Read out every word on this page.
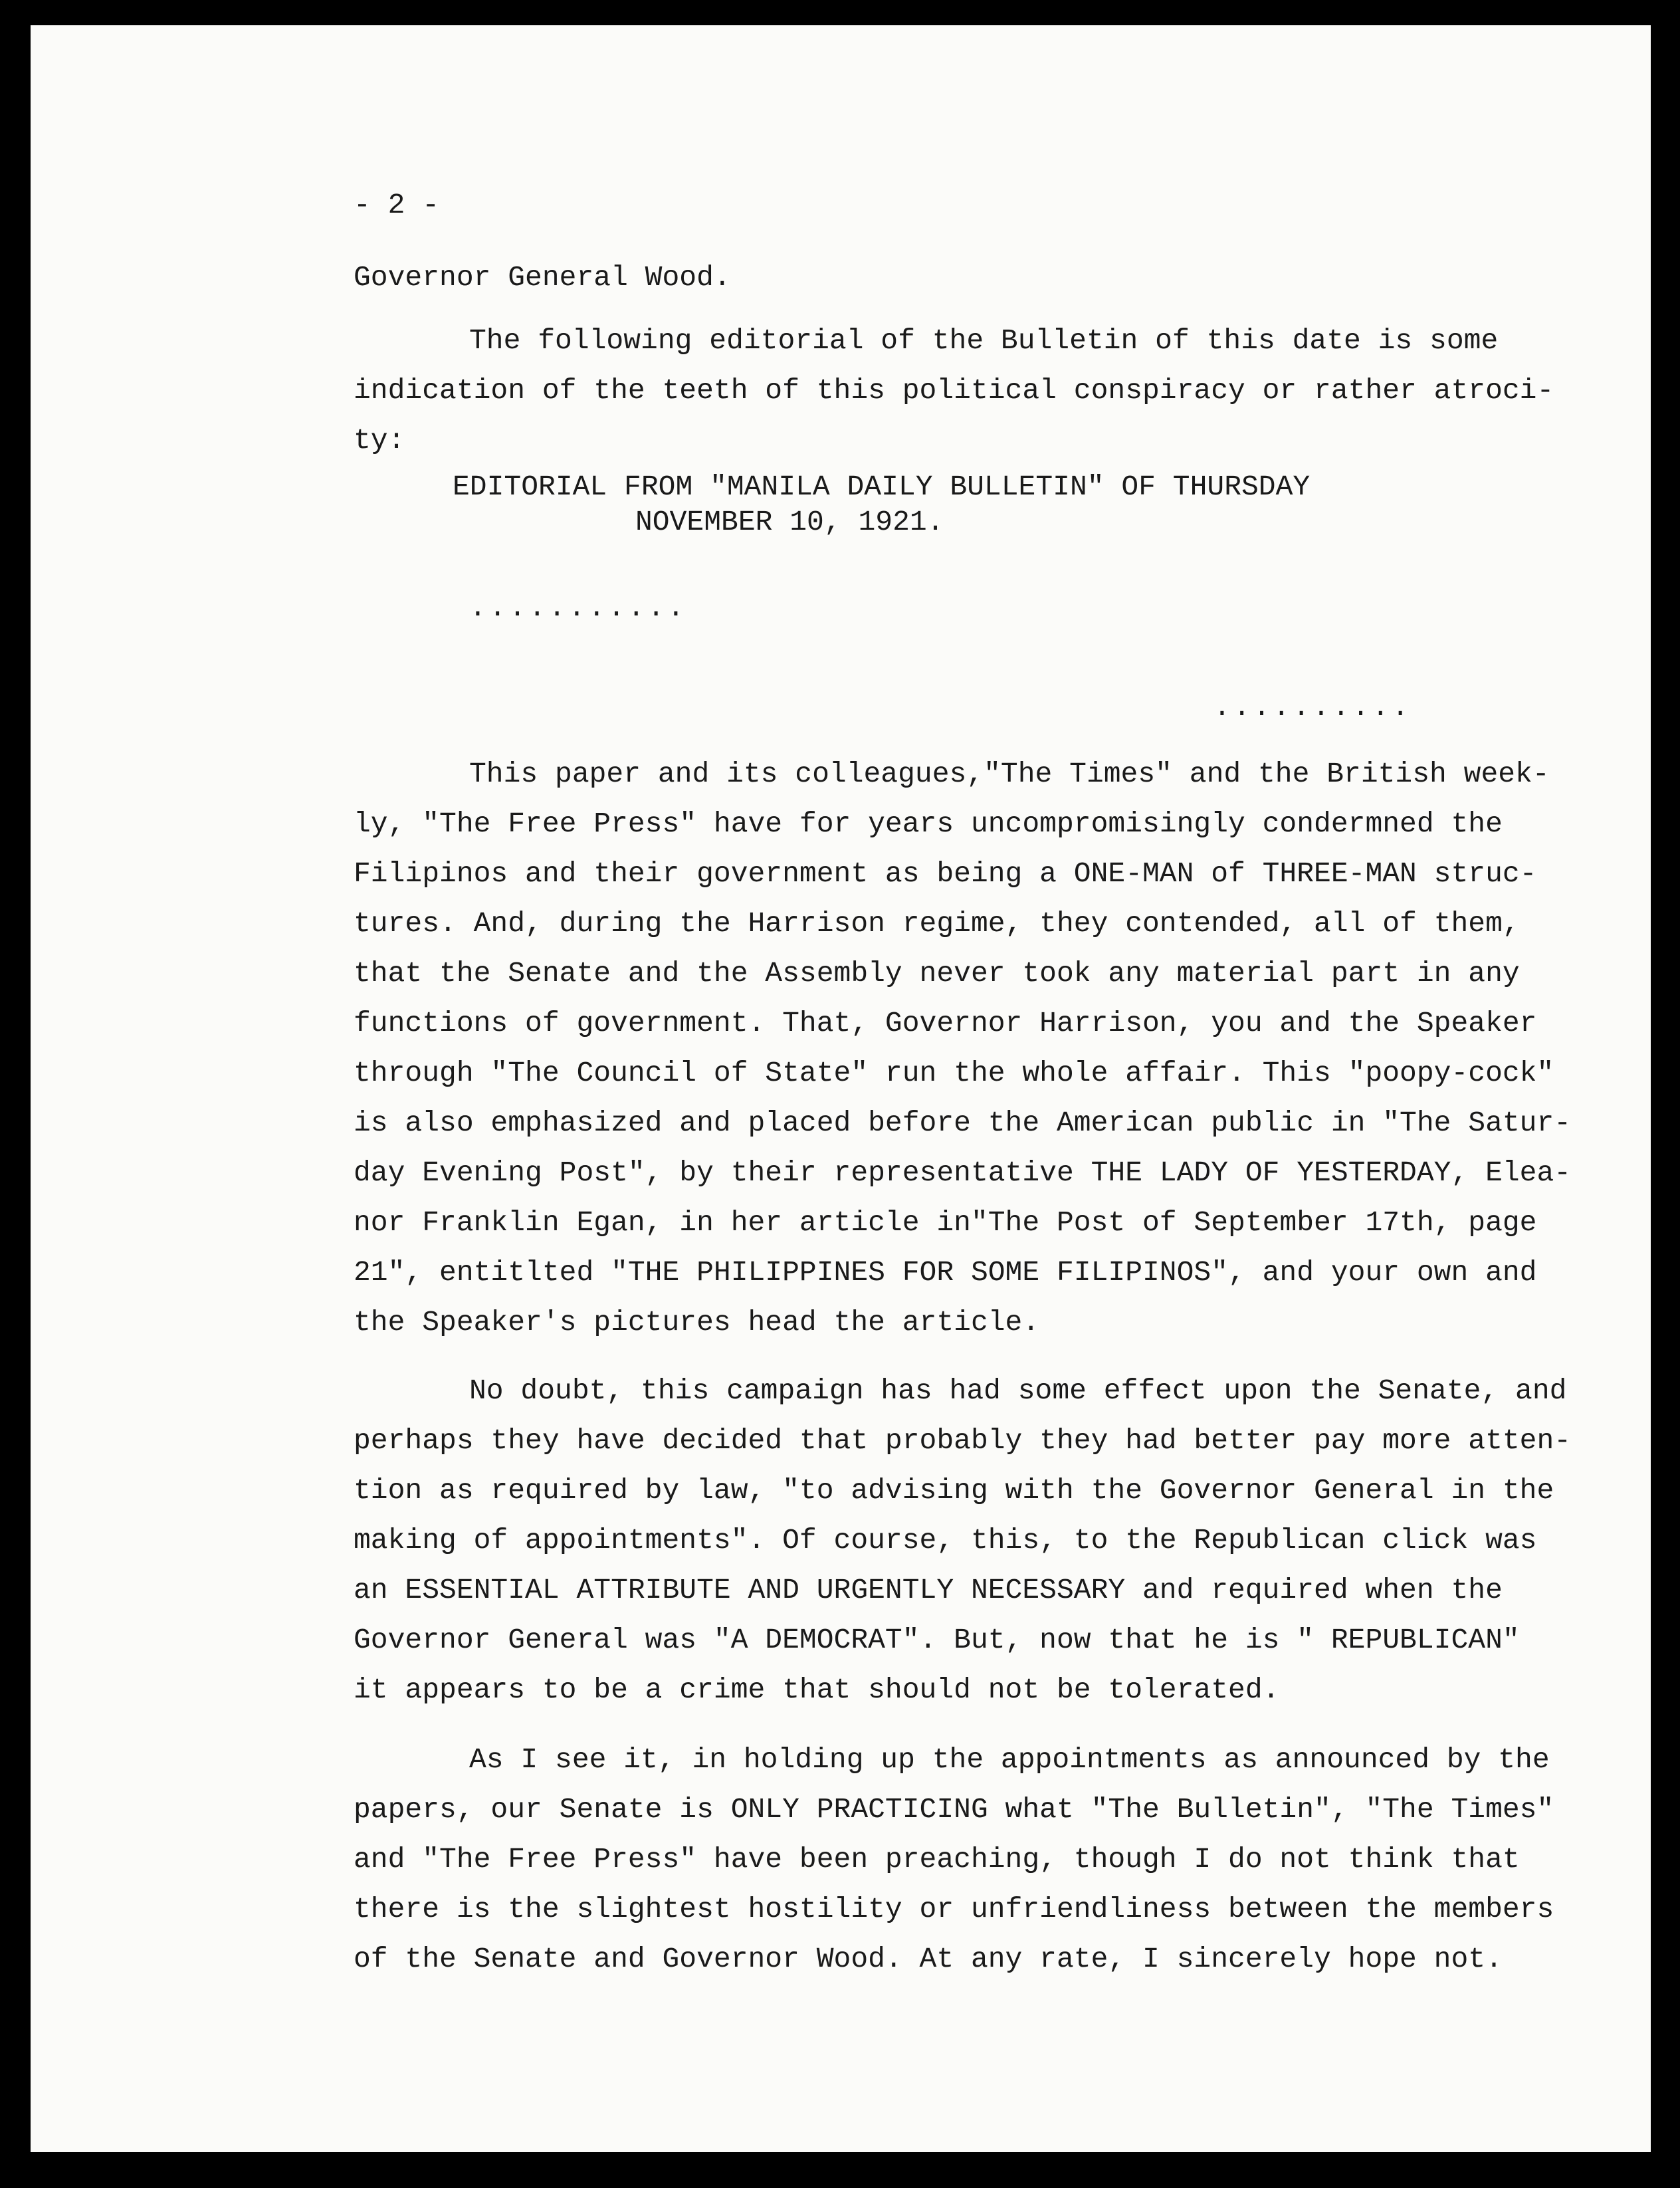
- 2 -
Governor General Wood.
The following editorial of the Bulletin of this date is some
indication of the teeth of this political conspiracy or rather atroci-
ty:
EDITORIAL FROM "MANILA DAILY BULLETIN" OF THURSDAY
NOVEMBER 10, 1921.
...........
..........
This paper and its colleagues,"The Times" and the British week-
ly, "The Free Press" have for years uncompromisingly condermned the
Filipinos and their government as being a ONE-MAN of THREE-MAN struc-
tures. And, during the Harrison regime, they contended, all of them,
that the Senate and the Assembly never took any material part in any
functions of government. That, Governor Harrison, you and the Speaker
through "The Council of State" run the whole affair. This "poopy-cock"
is also emphasized and placed before the American public in "The Satur-
day Evening Post", by their representative THE LADY OF YESTERDAY, Elea-
nor Franklin Egan, in her article in"The Post of September 17th, page
21", entitlted "THE PHILIPPINES FOR SOME FILIPINOS", and your own and
the Speaker's pictures head the article.
No doubt, this campaign has had some effect upon the Senate, and
perhaps they have decided that probably they had better pay more atten-
tion as required by law, "to advising with the Governor General in the
making of appointments". Of course, this, to the Republican click was
an ESSENTIAL ATTRIBUTE AND URGENTLY NECESSARY and required when the
Governor General was "A DEMOCRAT". But, now that he is " REPUBLICAN"
it appears to be a crime that should not be tolerated.
As I see it, in holding up the appointments as announced by the
papers, our Senate is ONLY PRACTICING what "The Bulletin", "The Times"
and "The Free Press" have been preaching, though I do not think that
there is the slightest hostility or unfriendliness between the members
of the Senate and Governor Wood. At any rate, I sincerely hope not.
